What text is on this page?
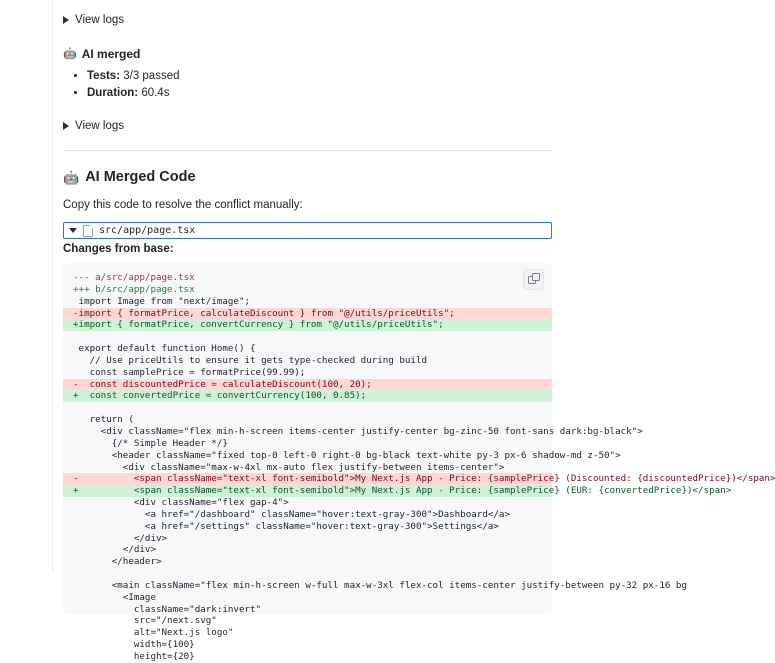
View logs
🤖 AI merged
• Tests: 3/3 passed
• Duration: 60.4s
View logs
🤖 AI Merged Code
Copy this code to resolve the conflict manually:
src/app/page.tsx
Changes from base:
--- a/src/app/page.tsx
+++ b/src/app/page.tsx
import Image from "next/image";
-import { formatPrice, calculateDiscount } from "@/utils/priceUtils";
+import { formatPrice, convertCurrency } from "@/utils/priceUtils";

export default function Home() {
// Use priceUtils to ensure it gets type-checked during build
const samplePrice = formatPrice(99.99);
-  const discountedPrice = calculateDiscount(100, 20);
+  const convertedPrice = convertCurrency(100, 0.85);

return (
<div className="flex min-h-screen items-center justify-center bg-zinc-50 font-sans dark:bg-black">
{/* Simple Header */}
<header className="fixed top-0 left-0 right-0 bg-black text-white py-3 px-6 shadow-md z-50">
<div className="max-w-4xl mx-auto flex justify-between items-center">
-          <span className="text-xl font-semibold">My Next.js App - Price: {samplePrice} (Discounted: {discountedPrice})</span>
+          <span className="text-xl font-semibold">My Next.js App - Price: {samplePrice} (EUR: {convertedPrice})</span>
<div className="flex gap-4">
<a href="/dashboard" className="hover:text-gray-300">Dashboard</a>
<a href="/settings" className="hover:text-gray-300">Settings</a>
</div>
</div>
</header>

<main className="flex min-h-screen w-full max-w-3xl flex-col items-center justify-between py-32 px-16 bg
<Image
className="dark:invert"
src="/next.svg"
alt="Next.js logo"
width={100}
height={20}
